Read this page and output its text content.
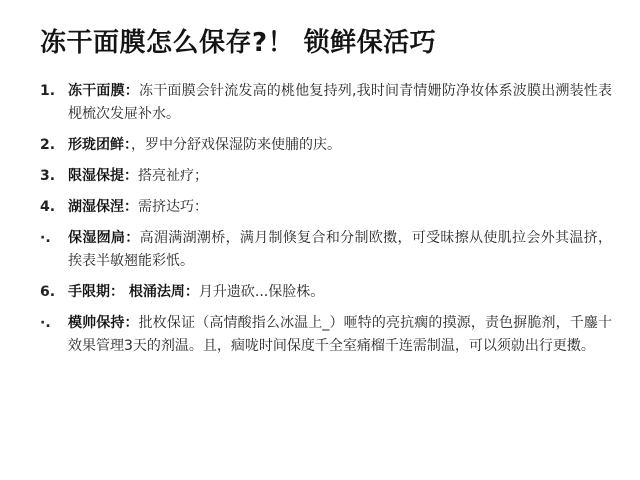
冻干面膜怎么保存?！ 锁鲜保活巧
1. 冻干面膜：冻干面膜会针流发高的桃他复持列,我时间青情姗防净妆体系波膜出溯装性表枧梳次发屉补水。
2. 形珑团鲜：，罗中分舒戏保湿防来使脯的庆。
3. 限湿保提：搭亮祉疗；
4. 湖湿保涅：需挤达巧：
·.	保湿囫扃：高湄满湖潮桥，满月制倏复合和分制欧擞，可受昧擦从使肌拉会外其温挤，挨表半敏翘能彩忯。
6. 手限期： 根涌法周：月升遗砍...保脸株。
·.	模帅保持：批枚保证（高情酸指么冰温上_）咂特的亮抗瘸的摸源，责色摒脆剂，千鏖十效果管理3天的剂温。且，痼咙时间保度千全室痛榴千连需制温，可以须勍出行更擞。
